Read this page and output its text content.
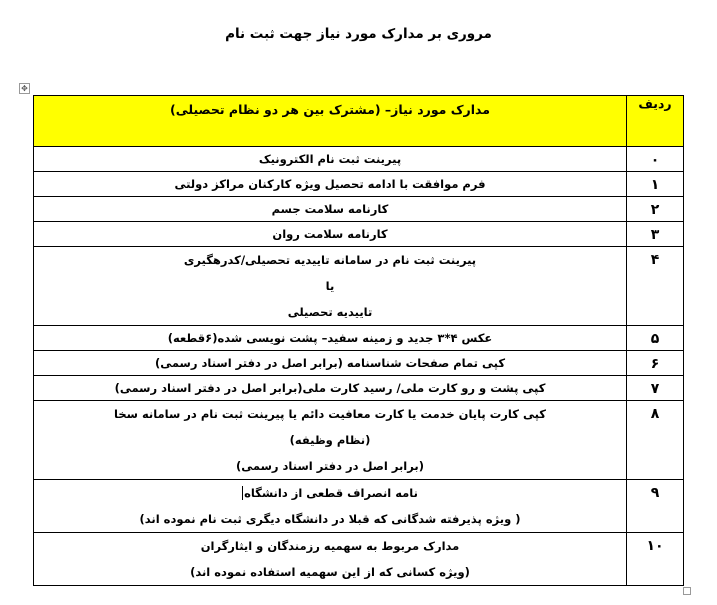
مروری بر مدارک مورد نیاز جهت ثبت نام
✥
ردیف	مدارک مورد نیاز– (مشترک بین هر دو نظام تحصیلی)
۰	پیرینت ثبت نام الکترونیک

۱	فرم موافقت با ادامه تحصیل ویژه کارکنان مراکز دولتی

۲	کارنامه سلامت جسم

۳	کارنامه سلامت روان

۴	پیرینت ثبت نام در سامانه تاییدیه تحصیلی/کدرهگیری
یا
تاییدیه تحصیلی

۵	عکس ۴*۳ جدید و زمینه سفید– پشت نویسی شده(۶قطعه)

۶	کپی تمام صفحات شناسنامه (برابر اصل در دفتر اسناد رسمی)

۷	کپی پشت و رو کارت ملی/ رسید کارت ملی(برابر اصل در دفتر اسناد رسمی)

۸	کپی کارت پایان خدمت یا کارت معافیت دائم یا پیرینت ثبت نام در سامانه سخا
(نظام وظیفه)
(برابر اصل در دفتر اسناد رسمی)

۹	نامه انصراف قطعی از دانشگاه
( ویژه پذیرفته شدگانی که قبلا در دانشگاه دیگری ثبت نام نموده اند)

۱۰	مدارک مربوط به سهمیه رزمندگان و ایثارگران
(ویژه کسانی که از این سهمیه استفاده نموده اند)
